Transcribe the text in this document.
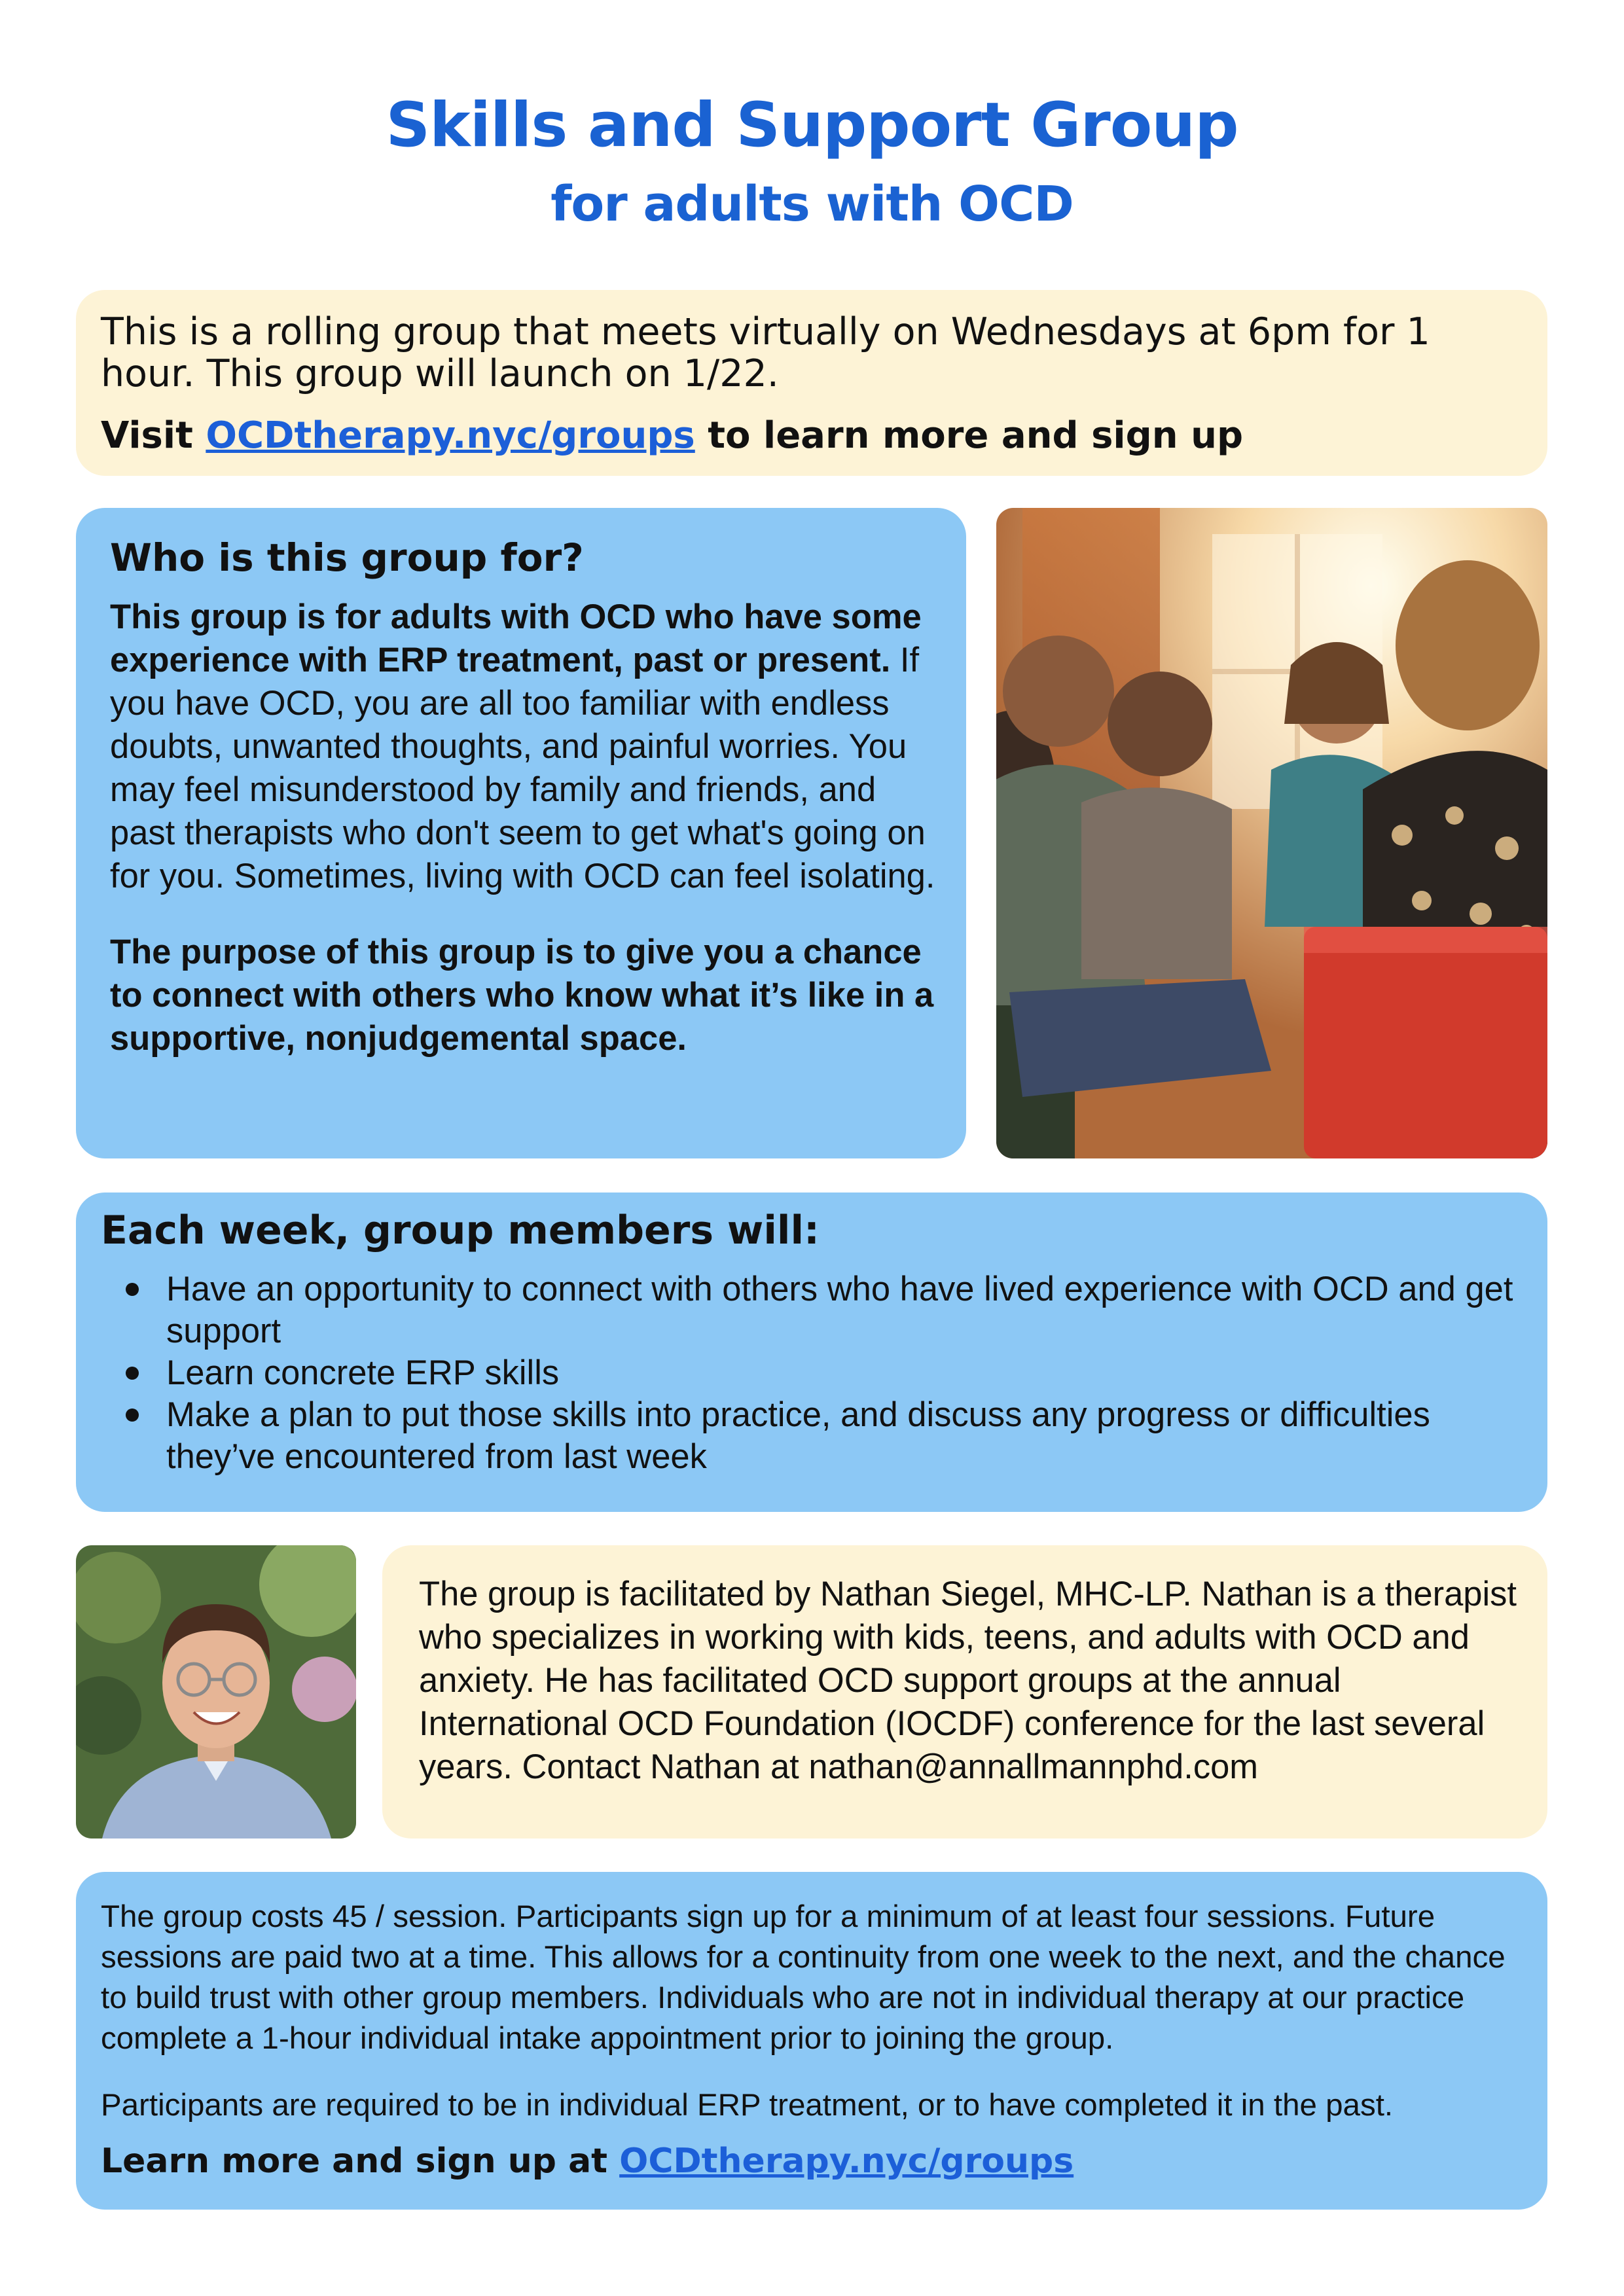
Skills and Support Group
for adults with OCD

This is a rolling group that meets virtually on Wednesdays at 6pm for 1 hour. This group will launch on 1/22.

Visit OCDtherapy.nyc/groups to learn more and sign up

Who is this group for?

This group is for adults with OCD who have some experience with ERP treatment, past or present. If you have OCD, you are all too familiar with endless doubts, unwanted thoughts, and painful worries. You may feel misunderstood by family and friends, and past therapists who don't seem to get what's going on for you. Sometimes, living with OCD can feel isolating.

The purpose of this group is to give you a chance to connect with others who know what it’s like in a supportive, nonjudgemental space.

Each week, group members will:
Have an opportunity to connect with others who have lived experience with OCD and get support
Learn concrete ERP skills
Make a plan to put those skills into practice, and discuss any progress or difficulties they’ve encountered from last week

The group is facilitated by Nathan Siegel, MHC-LP. Nathan is a therapist who specializes in working with kids, teens, and adults with OCD and anxiety. He has facilitated OCD support groups at the annual International OCD Foundation (IOCDF) conference for the last several years. Contact Nathan at nathan@annallmannphd.com

The group costs 45 / session. Participants sign up for a minimum of at least four sessions. Future sessions are paid two at a time. This allows for a continuity from one week to the next, and the chance to build trust with other group members. Individuals who are not in individual therapy at our practice complete a 1-hour individual intake appointment prior to joining the group.

Participants are required to be in individual ERP treatment, or to have completed it in the past.

Learn more and sign up at OCDtherapy.nyc/groups
